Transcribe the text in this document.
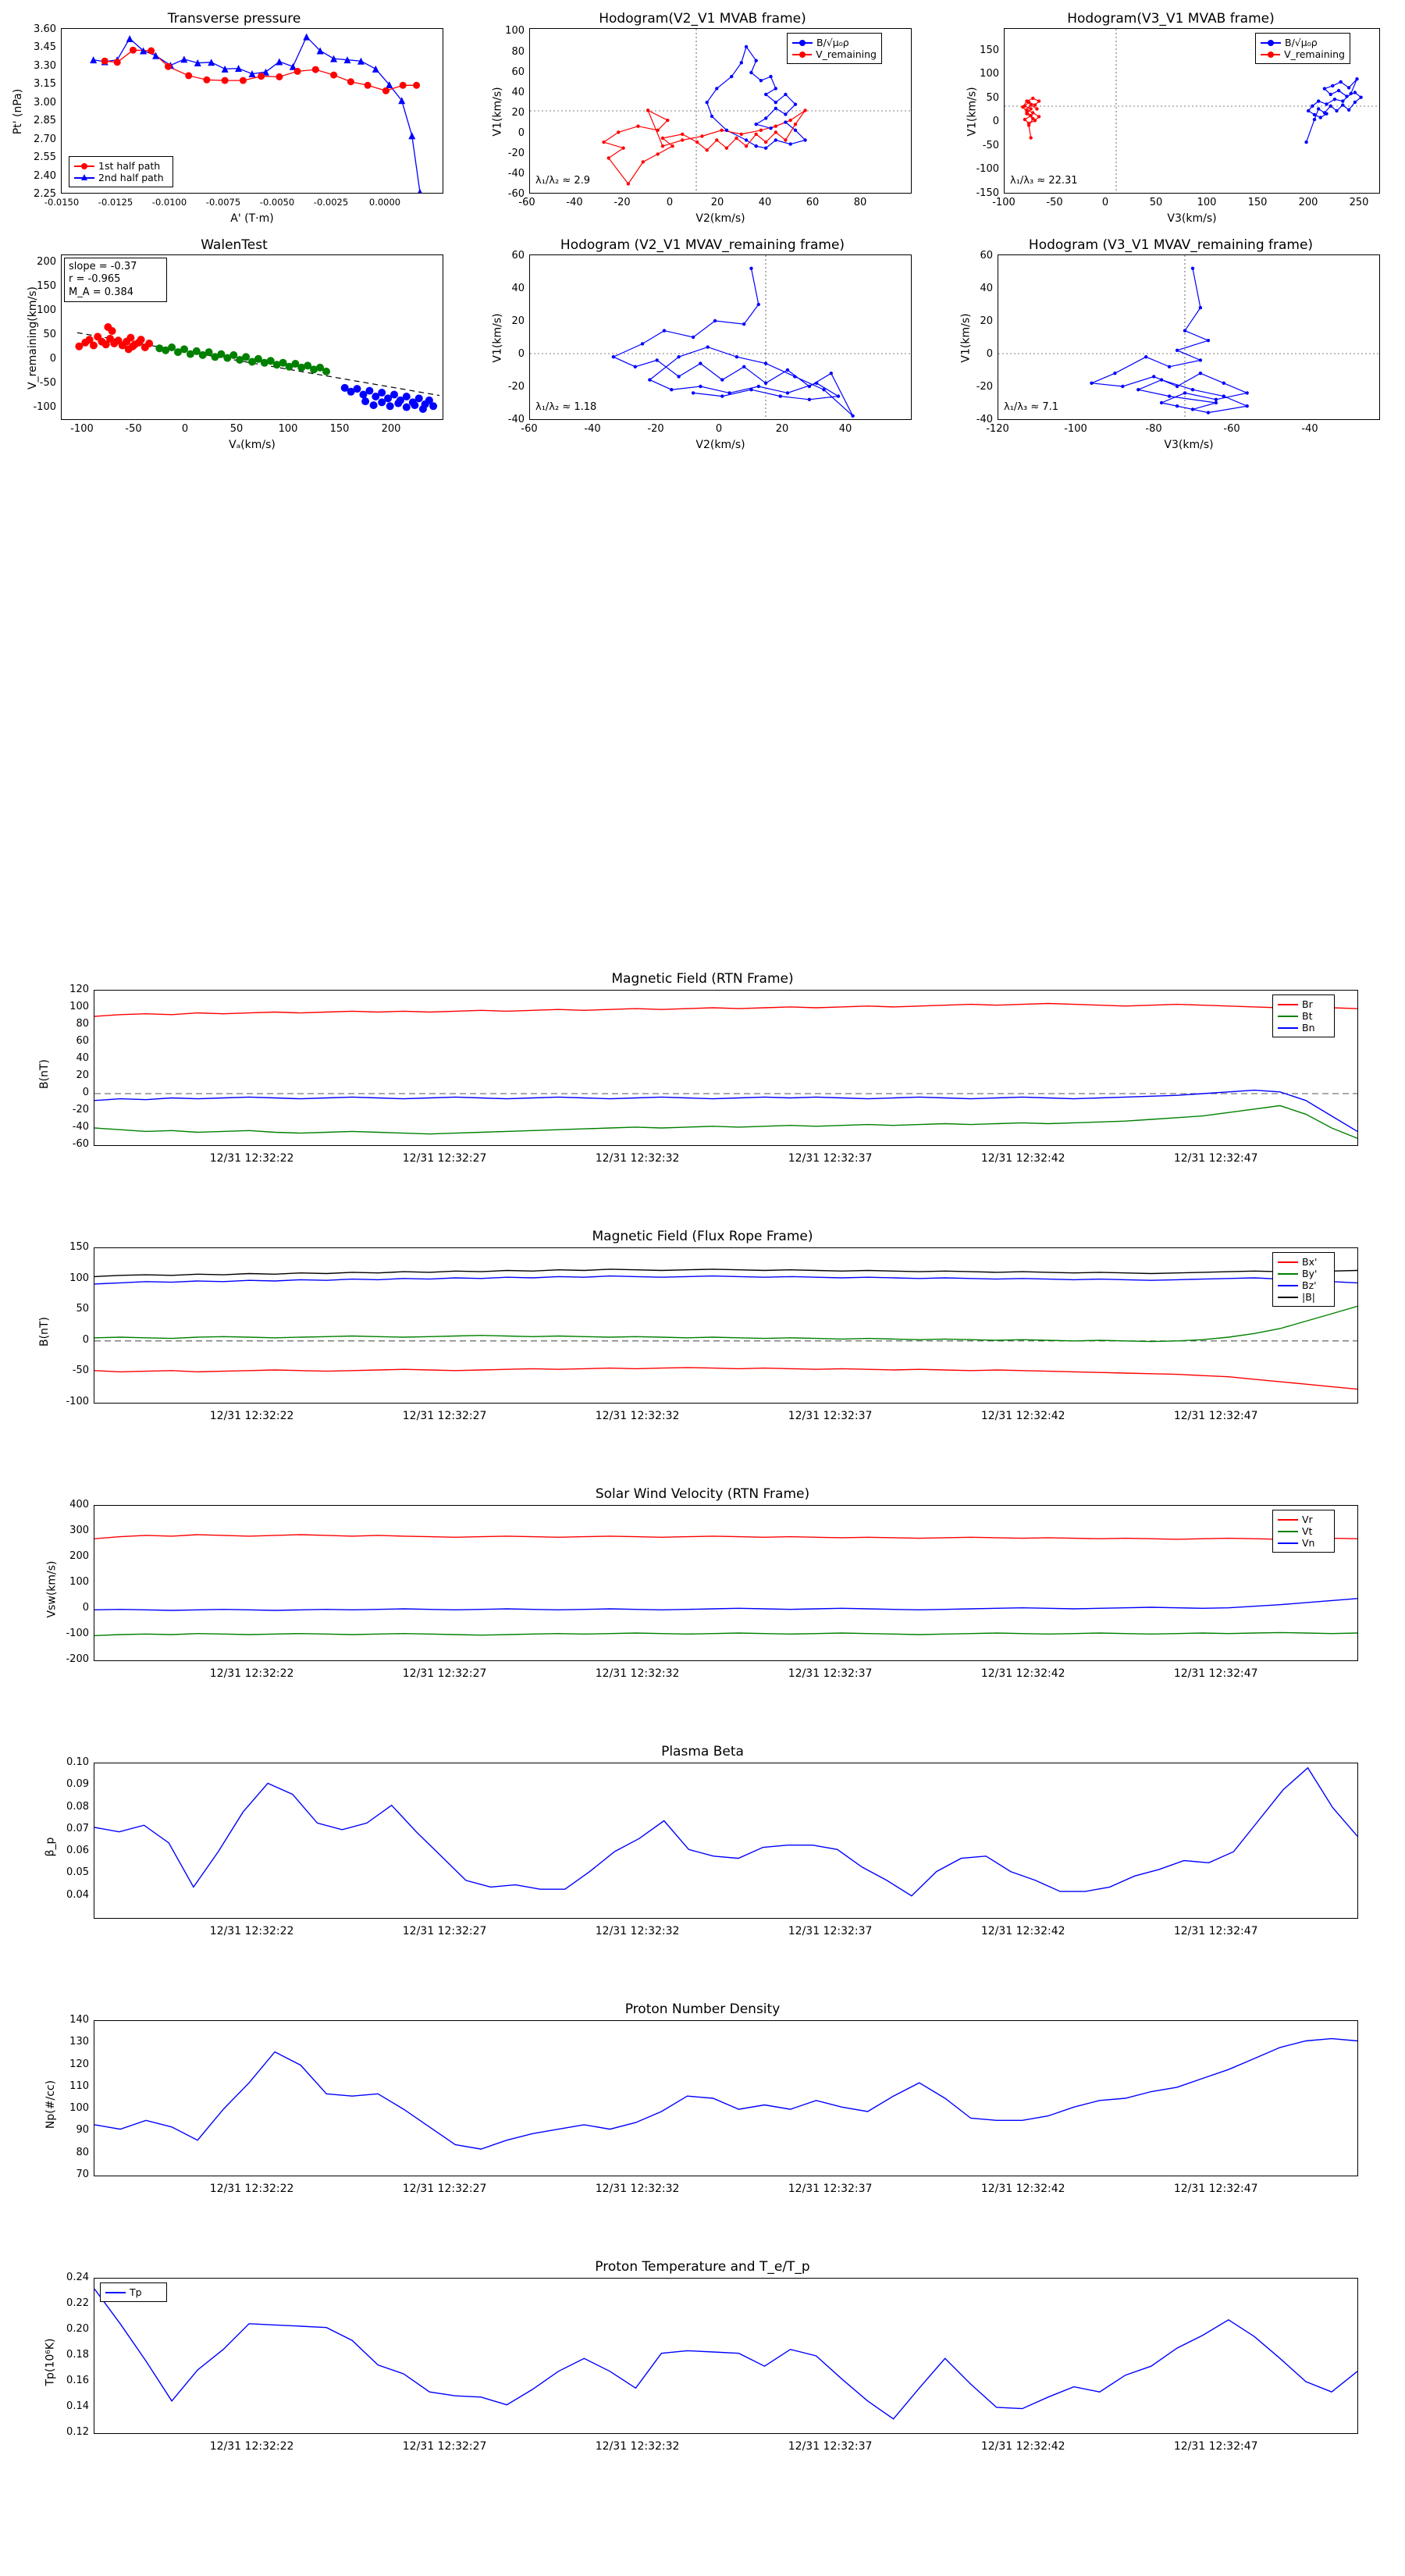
Transverse pressure
Pt' (nPa)
A' (T·m)
2.25
2.40
2.55
2.70
2.85
3.00
3.15
3.30
3.45
3.60
-0.0150	-0.0125	-0.0100	-0.0075	-0.0050	-0.0025	0.0000
1st half path
2nd half path
Hodogram(V2_V1 MVAB frame)
V1(km/s)
V2(km/s)
-60
-40
-20
0
20
40
60
80
100
-60	-40	-20	0	20	40	60	80
B/√μ₀ρ
V_remaining
λ₁/λ₂ ≈ 2.9
Hodogram(V3_V1 MVAB frame)
V1(km/s)
V3(km/s)
-150
-100
-50
0
50
100
150
-100	-50	0	50	100	150	200	250
B/√μ₀ρ
V_remaining
λ₁/λ₃ ≈ 22.31
WalenTest
V_remaining(km/s)
Vₐ(km/s)
-100
-50
0
50
100
150
200
-100	-50	0	50	100	150	200
slope = -0.37
r = -0.965
M_A = 0.384
Hodogram (V2_V1 MVAV_remaining frame)
V1(km/s)
V2(km/s)
-40
-20
0
20
40
60
-60	-40	-20	0	20	40
λ₁/λ₂ ≈ 1.18
Hodogram (V3_V1 MVAV_remaining frame)
V1(km/s)
V3(km/s)
-40
-20
0
20
40
60
-120	-100	-80	-60	-40
λ₁/λ₃ ≈ 7.1
Magnetic Field (RTN Frame)
B(nT)
-60
-40
-20
0
20
40
60
80
100
120
12/31 12:32:22	12/31 12:32:27	12/31 12:32:32	12/31 12:32:37	12/31 12:32:42	12/31 12:32:47
Br
Bt
Bn
Magnetic Field (Flux Rope Frame)
B(nT)
-100
-50
0
50
100
150
12/31 12:32:22	12/31 12:32:27	12/31 12:32:32	12/31 12:32:37	12/31 12:32:42	12/31 12:32:47
Bx'
By'
Bz'
|B|
Solar Wind Velocity (RTN Frame)
Vsw(km/s)
-200
-100
0
100
200
300
400
12/31 12:32:22	12/31 12:32:27	12/31 12:32:32	12/31 12:32:37	12/31 12:32:42	12/31 12:32:47
Vr
Vt
Vn
Plasma Beta
β_p
0.04
0.05
0.06
0.07
0.08
0.09
0.10
12/31 12:32:22	12/31 12:32:27	12/31 12:32:32	12/31 12:32:37	12/31 12:32:42	12/31 12:32:47
Proton Number Density
Np(#/cc)
70
80
90
100
110
120
130
140
12/31 12:32:22	12/31 12:32:27	12/31 12:32:32	12/31 12:32:37	12/31 12:32:42	12/31 12:32:47
Proton Temperature and T_e/T_p
Tp(10⁶K)
0.12
0.14
0.16
0.18
0.20
0.22
0.24
12/31 12:32:22	12/31 12:32:27	12/31 12:32:32	12/31 12:32:37	12/31 12:32:42	12/31 12:32:47
Tp
